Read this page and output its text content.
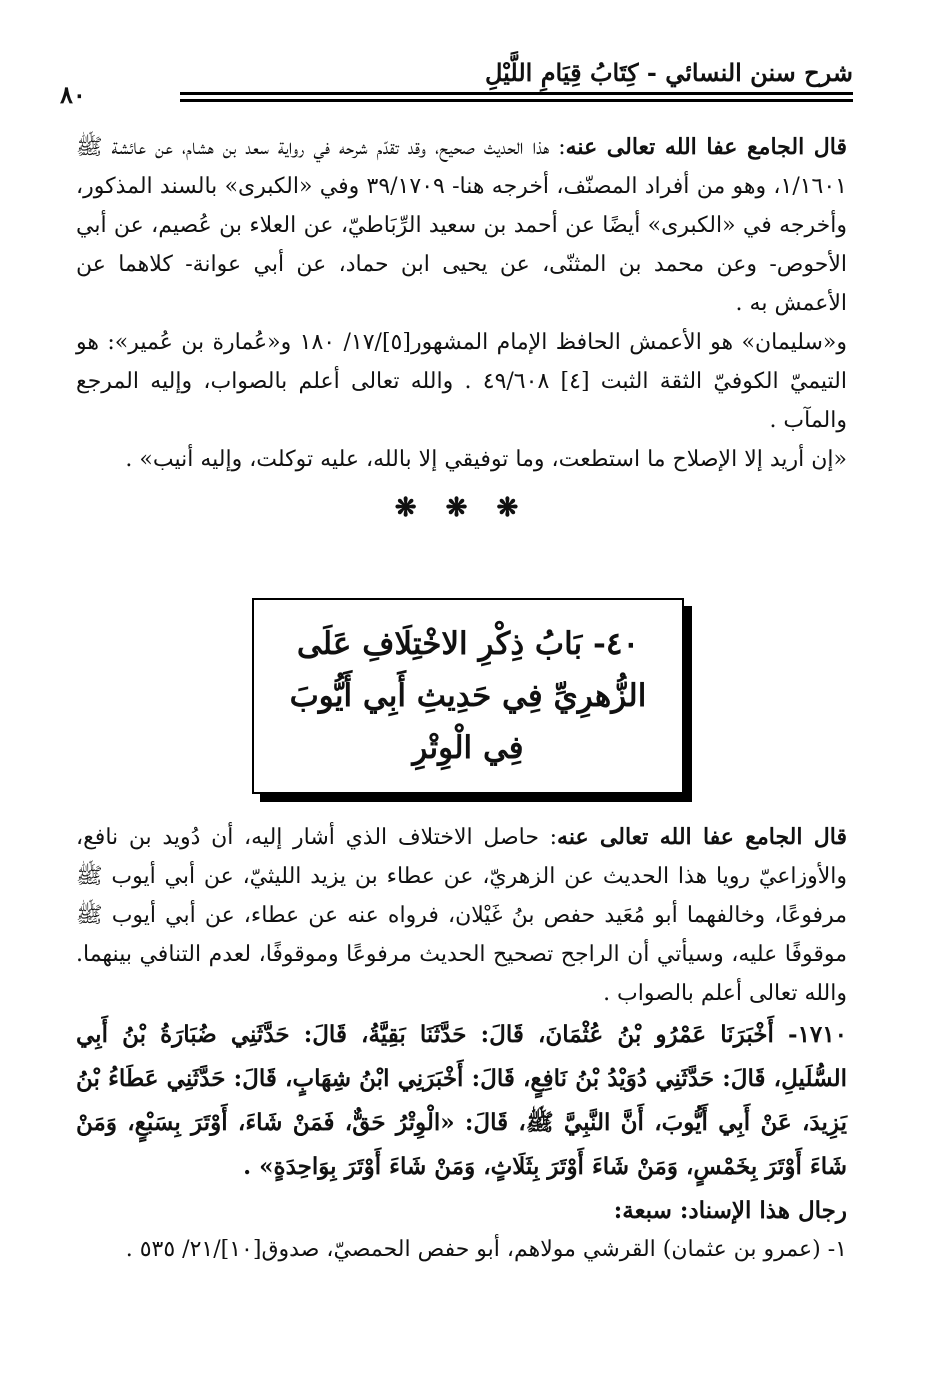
شرح سنن النسائي - كِتَابُ قِيَامِ اللَّيْلِ
٨٠

قال الجامع عفا الله تعالى عنه: هذا الحديث صحيح، وقد تقدّم شرحه في رواية سعد بن هشام، عن عائشة ﷺ ١/١٦٠١، وهو من أفراد المصنّف، أخرجه هنا- ٣٩/١٧٠٩ وفي «الكبرى» بالسند المذكور، وأخرجه في «الكبرى» أيضًا عن أحمد بن سعيد الرِّبَاطيّ، عن العلاء بن عُصيم، عن أبي الأحوص- وعن محمد بن المثنّى، عن يحيى ابن حماد، عن أبي عوانة- كلاهما عن الأعمش به .

و«سليمان» هو الأعمش الحافظ الإمام المشهور[٥]/١٧/ ١٨٠ و«عُمارة بن عُمير»: هو التيميّ الكوفيّ الثقة الثبت [٤] ٤٩/٦٠٨ . والله تعالى أعلم بالصواب، وإليه المرجع والمآب .

«إن أريد إلا الإصلاح ما استطعت، وما توفيقي إلا بالله، عليه توكلت، وإليه أنيب» .

❋ ❋ ❋
٤٠- بَابُ ذِكْرِ الاخْتِلَافِ عَلَى الزُّهرِيِّ فِي حَدِيثِ أَبِي أَيُّوبَ فِي الْوِتْرِ

قال الجامع عفا الله تعالى عنه: حاصل الاختلاف الذي أشار إليه، أن دُويد بن نافع، والأوزاعيّ رويا هذا الحديث عن الزهريّ، عن عطاء بن يزيد الليثيّ، عن أبي أيوب ﷺ مرفوعًا، وخالفهما أبو مُعَيد حفص بنُ غَيْلان، فرواه عنه عن عطاء، عن أبي أيوب ﷺ موقوفًا عليه، وسيأتي أن الراجح تصحيح الحديث مرفوعًا وموقوفًا، لعدم التنافي بينهما. والله تعالى أعلم بالصواب .

١٧١٠- أَخْبَرَنَا عَمْرُو بْنُ عُثْمَانَ، قَالَ: حَدَّثَنَا بَقِيَّةُ، قَالَ: حَدَّثَنِي ضُبَارَةُ بْنُ أَبِي السُّلَيلِ، قَالَ: حَدَّثَنِي دُوَيْدُ بْنُ نَافِعٍ، قَالَ: أَخْبَرَنِي ابْنُ شِهَابٍ، قَالَ: حَدَّثَنِي عَطَاءُ بْنُ يَزِيدَ، عَنْ أَبِي أَيُّوبَ، أَنَّ النَّبِيَّ ﷺ، قَالَ: «الْوِتْرُ حَقٌّ، فَمَنْ شَاءَ، أَوْتَرَ بِسَبْعٍ، وَمَنْ شَاءَ أَوْتَرَ بِخَمْسٍ، وَمَنْ شَاءَ أَوْتَرَ بِثَلَاثٍ، وَمَنْ شَاءَ أَوْتَرَ بِوَاحِدَةٍ» .

رجال هذا الإسناد: سبعة:

١- (عمرو بن عثمان) القرشي مولاهم، أبو حفص الحمصيّ، صدوق[١٠]/٢١/ ٥٣٥ .
